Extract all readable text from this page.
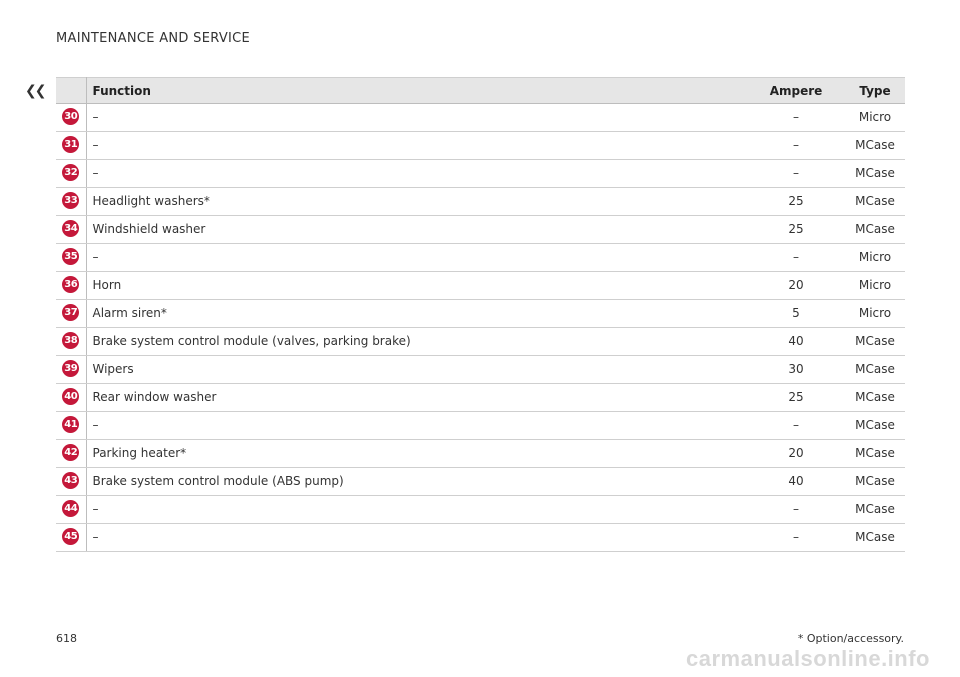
MAINTENANCE AND SERVICE
❮❮
		Function	Ampere	Type
30	–	–	Micro
31	–	–	MCase
32	–	–	MCase
33	Headlight washers*	25	MCase
34	Windshield washer	25	MCase
35	–	–	Micro
36	Horn	20	Micro
37	Alarm siren*	5	Micro
38	Brake system control module (valves, parking brake)	40	MCase
39	Wipers	30	MCase
40	Rear window washer	25	MCase
41	–	–	MCase
42	Parking heater*	20	MCase
43	Brake system control module (ABS pump)	40	MCase
44	–	–	MCase
45	–	–	MCase
618	* Option/accessory.
carmanualsonline.info
